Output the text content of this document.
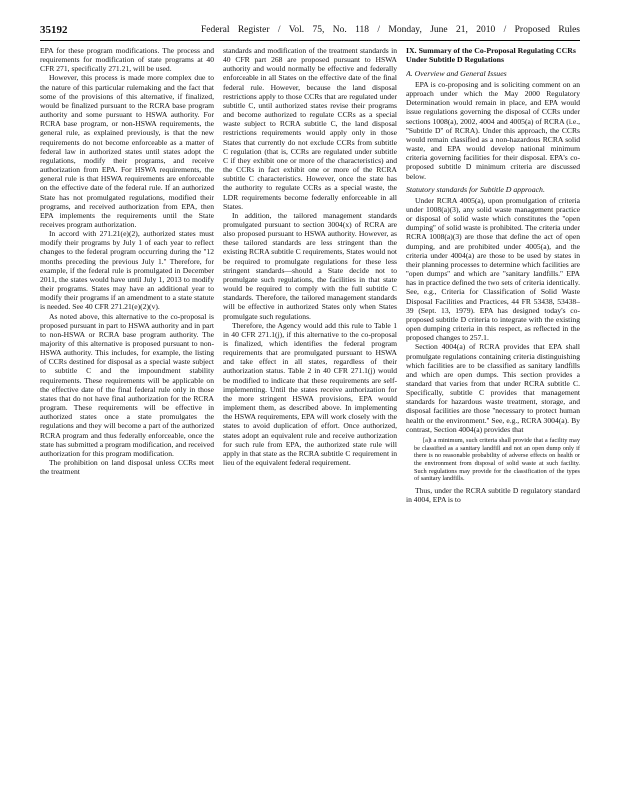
35192	Federal Register / Vol. 75, No. 118 / Monday, June 21, 2010 / Proposed Rules

EPA for these program modifications. The process and requirements for modification of state programs at 40 CFR 271, specifically 271.21, will be used.

However, this process is made more complex due to the nature of this particular rulemaking and the fact that some of the provisions of this alternative, if finalized, would be finalized pursuant to the RCRA base program authority and some pursuant to HSWA authority. For RCRA base program, or non-HSWA requirements, the general rule, as explained previously, is that the new requirements do not become enforceable as a matter of federal law in authorized states until states adopt the regulations, modify their programs, and receive authorization from EPA. For HSWA requirements, the general rule is that HSWA requirements are enforceable on the effective date of the federal rule. If an authorized State has not promulgated regulations, modified their programs, and received authorization from EPA, then EPA implements the requirements until the State receives program authorization.

In accord with 271.21(e)(2), authorized states must modify their programs by July 1 of each year to reflect changes to the federal program occurring during the ''12 months preceding the previous July 1.'' Therefore, for example, if the federal rule is promulgated in December 2011, the states would have until July 1, 2013 to modify their programs. States may have an additional year to modify their programs if an amendment to a state statute is needed. See 40 CFR 271.21(e)(2)(v).

As noted above, this alternative to the co-proposal is proposed pursuant in part to HSWA authority and in part to non-HSWA or RCRA base program authority. The majority of this alternative is proposed pursuant to non-HSWA authority. This includes, for example, the listing of CCRs destined for disposal as a special waste subject to subtitle C and the impoundment stability requirements. These requirements will be applicable on the effective date of the final federal rule only in those states that do not have final authorization for the RCRA program. These requirements will be effective in authorized states once a state promulgates the regulations and they will become a part of the authorized RCRA program and thus federally enforceable, once the state has submitted a program modification, and received authorization for this program modification.

The prohibition on land disposal unless CCRs meet the treatment

standards and modification of the treatment standards in 40 CFR part 268 are proposed pursuant to HSWA authority and would normally be effective and federally enforceable in all States on the effective date of the final federal rule. However, because the land disposal restrictions apply to those CCRs that are regulated under subtitle C, until authorized states revise their programs and become authorized to regulate CCRs as a special waste subject to RCRA subtitle C, the land disposal restrictions requirements would apply only in those States that currently do not exclude CCRs from subtitle C regulation (that is, CCRs are regulated under subtitle C if they exhibit one or more of the characteristics) and the CCRs in fact exhibit one or more of the RCRA subtitle C characteristics. However, once the state has the authority to regulate CCRs as a special waste, the LDR requirements become federally enforceable in all States.

In addition, the tailored management standards promulgated pursuant to section 3004(x) of RCRA are also proposed pursuant to HSWA authority. However, as these tailored standards are less stringent than the existing RCRA subtitle C requirements, States would not be required to promulgate regulations for these less stringent standards—should a State decide not to promulgate such regulations, the facilities in that state would be required to comply with the full subtitle C standards. Therefore, the tailored management standards will be effective in authorized States only when States promulgate such regulations.

Therefore, the Agency would add this rule to Table 1 in 40 CFR 271.1(j), if this alternative to the co-proposal is finalized, which identifies the federal program requirements that are promulgated pursuant to HSWA and take effect in all states, regardless of their authorization status. Table 2 in 40 CFR 271.1(j) would be modified to indicate that these requirements are self-implementing. Until the states receive authorization for the more stringent HSWA provisions, EPA would implement them, as described above. In implementing the HSWA requirements, EPA will work closely with the states to avoid duplication of effort. Once authorized, states adopt an equivalent rule and receive authorization for such rule from EPA, the authorized state rule will apply in that state as the RCRA subtitle C requirement in lieu of the equivalent federal requirement.

IX. Summary of the Co-Proposal Regulating CCRs Under Subtitle D Regulations
A. Overview and General Issues

EPA is co-proposing and is soliciting comment on an approach under which the May 2000 Regulatory Determination would remain in place, and EPA would issue regulations governing the disposal of CCRs under sections 1008(a), 2002, 4004 and 4005(a) of RCRA (i.e., ''Subtitle D'' of RCRA). Under this approach, the CCRs would remain classified as a non-hazardous RCRA solid waste, and EPA would develop national minimum criteria governing facilities for their disposal. EPA's co-proposed subtitle D minimum criteria are discussed below.

Statutory standards for Subtitle D approach.

Under RCRA 4005(a), upon promulgation of criteria under 1008(a)(3), any solid waste management practice or disposal of solid waste which constitutes the ''open dumping'' of solid waste is prohibited. The criteria under RCRA 1008(a)(3) are those that define the act of open dumping, and are prohibited under 4005(a), and the criteria under 4004(a) are those to be used by states in their planning processes to determine which facilities are ''open dumps'' and which are ''sanitary landfills.'' EPA has in practice defined the two sets of criteria identically. See, e.g., Criteria for Classification of Solid Waste Disposal Facilities and Practices, 44 FR 53438, 53438–39 (Sept. 13, 1979). EPA has designed today's co-proposed subtitle D criteria to integrate with the existing open dumping criteria in this respect, as reflected in the proposed changes to 257.1.

Section 4004(a) of RCRA provides that EPA shall promulgate regulations containing criteria distinguishing which facilities are to be classified as sanitary landfills and which are open dumps. This section provides a standard that varies from that under RCRA subtitle C. Specifically, subtitle C provides that management standards for hazardous waste treatment, storage, and disposal facilities are those ''necessary to protect human health or the environment.'' See, e.g., RCRA 3004(a). By contrast, Section 4004(a) provides that

[a]t a minimum, such criteria shall provide that a facility may be classified as a sanitary landfill and not an open dump only if there is no reasonable probability of adverse effects on health or the environment from disposal of solid waste at such facility. Such regulations may provide for the classification of the types of sanitary landfills.

Thus, under the RCRA subtitle D regulatory standard in 4004, EPA is to
